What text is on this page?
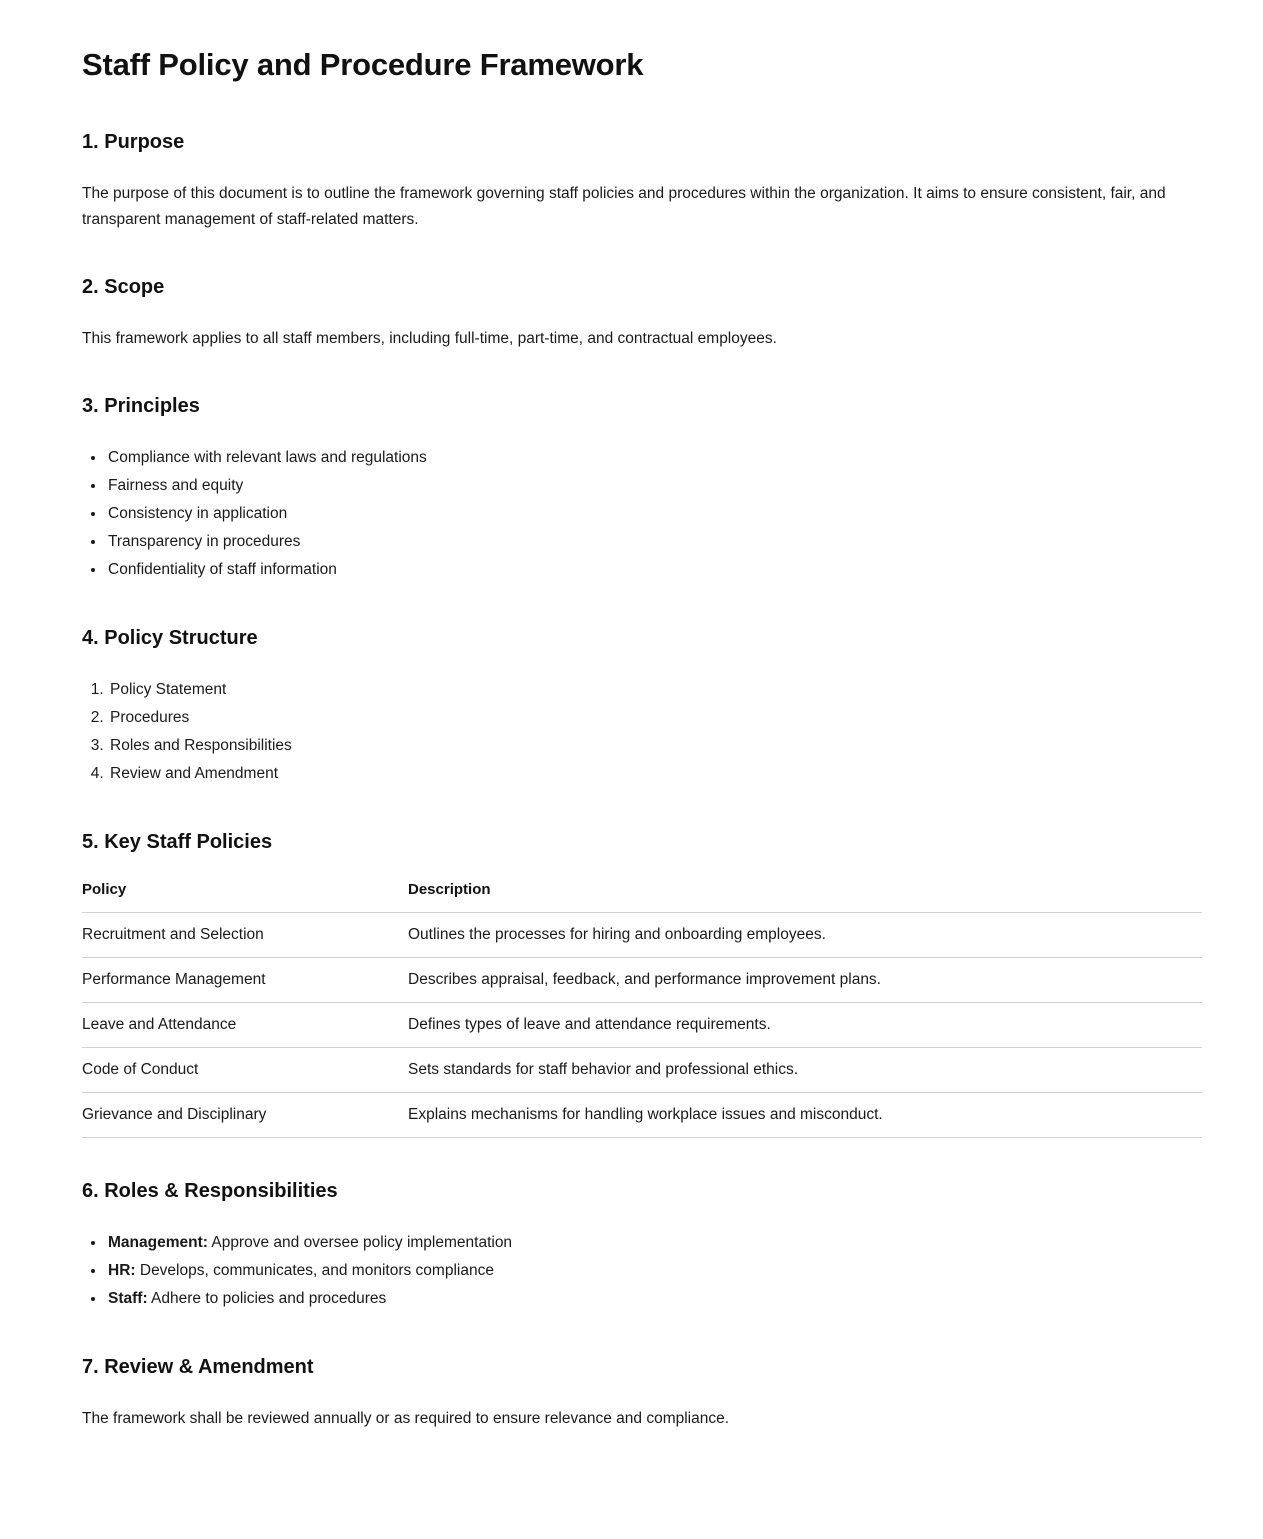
Staff Policy and Procedure Framework
1. Purpose

The purpose of this document is to outline the framework governing staff policies and procedures within the organization. It aims to ensure consistent, fair, and transparent management of staff-related matters.

2. Scope

This framework applies to all staff members, including full-time, part-time, and contractual employees.

3. Principles
• Compliance with relevant laws and regulations
• Fairness and equity
• Consistency in application
• Transparency in procedures
• Confidentiality of staff information
4. Policy Structure
1. Policy Statement
2. Procedures
3. Roles and Responsibilities
4. Review and Amendment
5. Key Staff Policies
Policy	Description
Recruitment and Selection	Outlines the processes for hiring and onboarding employees.
Performance Management	Describes appraisal, feedback, and performance improvement plans.
Leave and Attendance	Defines types of leave and attendance requirements.
Code of Conduct	Sets standards for staff behavior and professional ethics.
Grievance and Disciplinary	Explains mechanisms for handling workplace issues and misconduct.
6. Roles & Responsibilities
• Management: Approve and oversee policy implementation
• HR: Develops, communicates, and monitors compliance
• Staff: Adhere to policies and procedures
7. Review & Amendment

The framework shall be reviewed annually or as required to ensure relevance and compliance.
